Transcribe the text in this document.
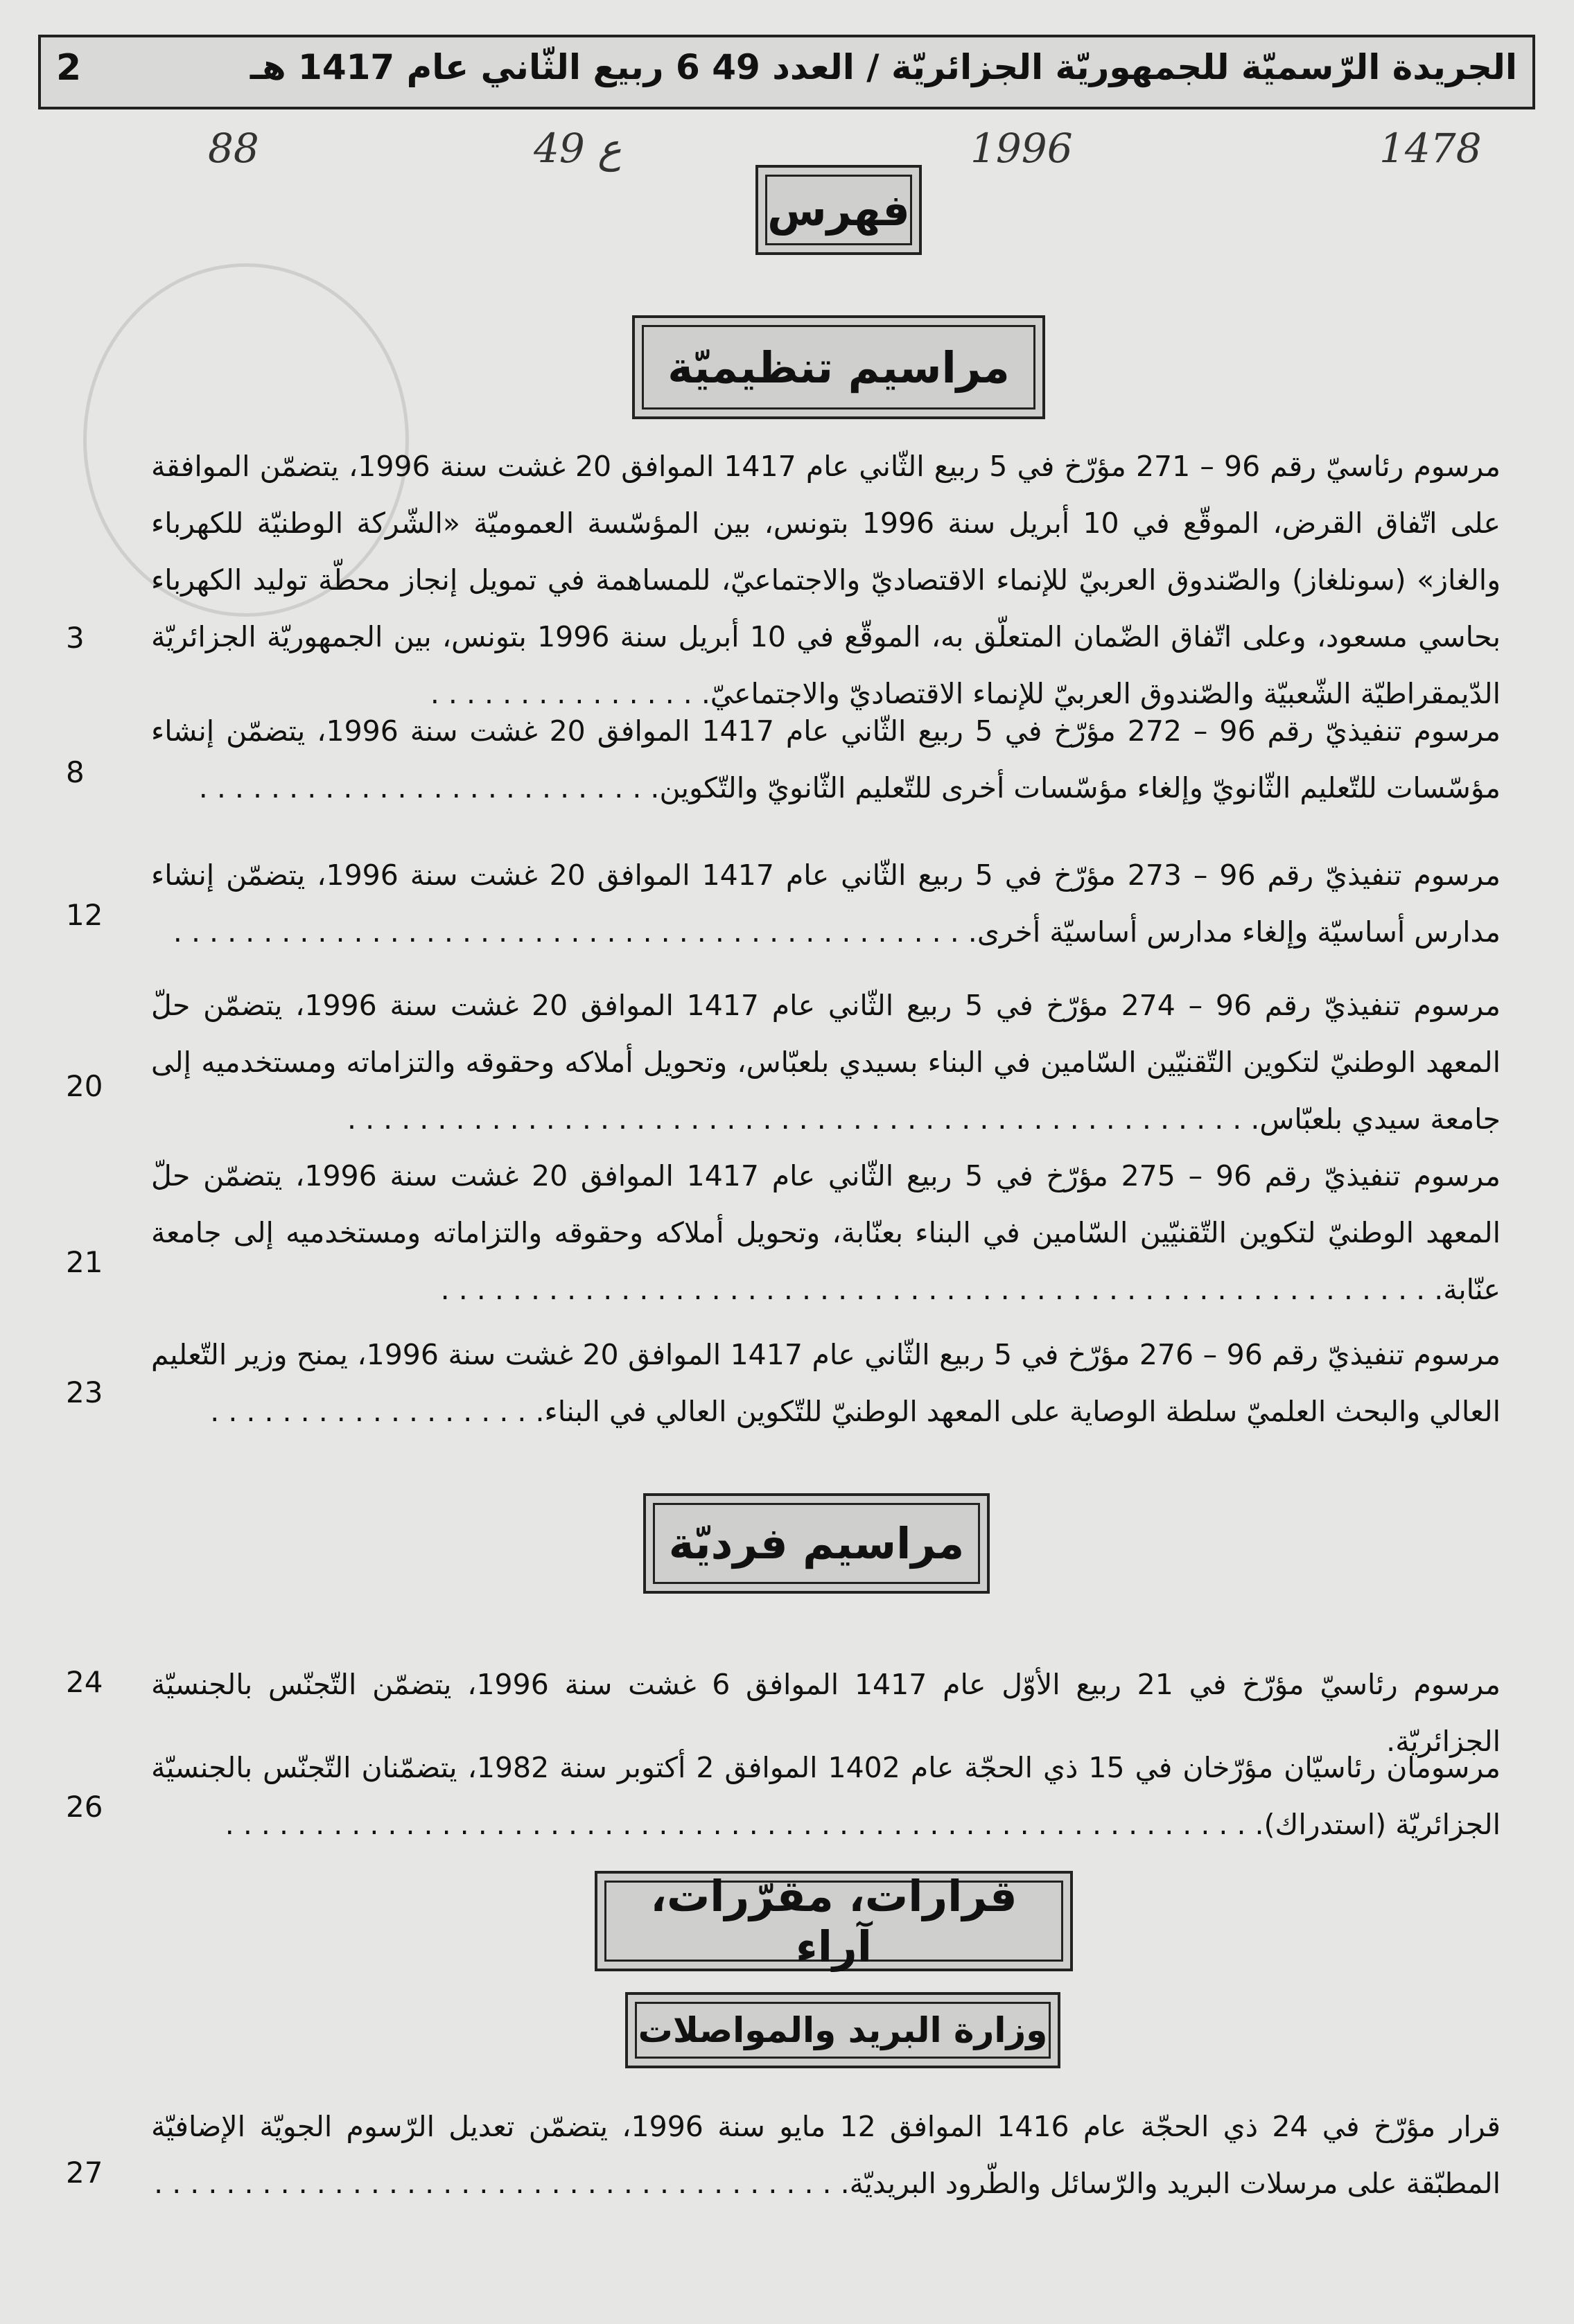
2	الجريدة الرّسميّة للجمهوريّة الجزائريّة / العدد 49 6 ربيع الثّاني عام 1417 هـ
88	49 ع	1996	1478
فهرس
مراسيم تنظيميّة
مرسوم رئاسيّ رقم 96 – 271 مؤرّخ في 5 ربيع الثّاني عام 1417 الموافق 20 غشت سنة 1996، يتضمّن الموافقة على اتّفاق القرض، الموقّع في 10 أبريل سنة 1996 بتونس، بين المؤسّسة العموميّة «الشّركة الوطنيّة للكهرباء والغاز» (سونلغاز) والصّندوق العربيّ للإنماء الاقتصاديّ والاجتماعيّ، للمساهمة في تمويل إنجاز محطّة توليد الكهرباء بحاسي مسعود، وعلى اتّفاق الضّمان المتعلّق به، الموقّع في 10 أبريل سنة 1996 بتونس، بين الجمهوريّة الجزائريّة الدّيمقراطيّة الشّعبيّة والصّندوق العربيّ للإنماء الاقتصاديّ والاجتماعيّ. . . . . . . . . . . . . . . .
3
مرسوم تنفيذيّ رقم 96 – 272 مؤرّخ في 5 ربيع الثّاني عام 1417 الموافق 20 غشت سنة 1996، يتضمّن إنشاء مؤسّسات للتّعليم الثّانويّ وإلغاء مؤسّسات أخرى للتّعليم الثّانويّ والتّكوين. . . . . . . . . . . . . . . . . . . . . . . . . .
8
مرسوم تنفيذيّ رقم 96 – 273 مؤرّخ في 5 ربيع الثّاني عام 1417 الموافق 20 غشت سنة 1996، يتضمّن إنشاء مدارس أساسيّة وإلغاء مدارس أساسيّة أخرى. . . . . . . . . . . . . . . . . . . . . . . . . . . . . . . . . . . . . . . . . . . . .
12
مرسوم تنفيذيّ رقم 96 – 274 مؤرّخ في 5 ربيع الثّاني عام 1417 الموافق 20 غشت سنة 1996، يتضمّن حلّ المعهد الوطنيّ لتكوين التّقنيّين السّامين في البناء بسيدي بلعبّاس، وتحويل أملاكه وحقوقه والتزاماته ومستخدميه إلى جامعة سيدي بلعبّاس. . . . . . . . . . . . . . . . . . . . . . . . . . . . . . . . . . . . . . . . . . . . . . . . . . .
20
مرسوم تنفيذيّ رقم 96 – 275 مؤرّخ في 5 ربيع الثّاني عام 1417 الموافق 20 غشت سنة 1996، يتضمّن حلّ المعهد الوطنيّ لتكوين التّقنيّين السّامين في البناء بعنّابة، وتحويل أملاكه وحقوقه والتزاماته ومستخدميه إلى جامعة عنّابة. . . . . . . . . . . . . . . . . . . . . . . . . . . . . . . . . . . . . . . . . . . . . . . . . . . . . . . .
21
مرسوم تنفيذيّ رقم 96 – 276 مؤرّخ في 5 ربيع الثّاني عام 1417 الموافق 20 غشت سنة 1996، يمنح وزير التّعليم العالي والبحث العلميّ سلطة الوصاية على المعهد الوطنيّ للتّكوين العالي في البناء. . . . . . . . . . . . . . . . . . .
23
مراسيم فرديّة
مرسوم رئاسيّ مؤرّخ في 21 ربيع الأوّل عام 1417 الموافق 6 غشت سنة 1996، يتضمّن التّجنّس بالجنسيّة الجزائريّة.
24
مرسومان رئاسيّان مؤرّخان في 15 ذي الحجّة عام 1402 الموافق 2 أكتوبر سنة 1982، يتضمّنان التّجنّس بالجنسيّة الجزائريّة (استدراك). . . . . . . . . . . . . . . . . . . . . . . . . . . . . . . . . . . . . . . . . . . . . . . . . . . . . . . . . .
26
قرارات، مقرّرات، آراء
وزارة البريد والمواصلات
قرار مؤرّخ في 24 ذي الحجّة عام 1416 الموافق 12 مايو سنة 1996، يتضمّن تعديل الرّسوم الجويّة الإضافيّة المطبّقة على مرسلات البريد والرّسائل والطّرود البريديّة. . . . . . . . . . . . . . . . . . . . . . . . . . . . . . . . . . . . . . .
27
